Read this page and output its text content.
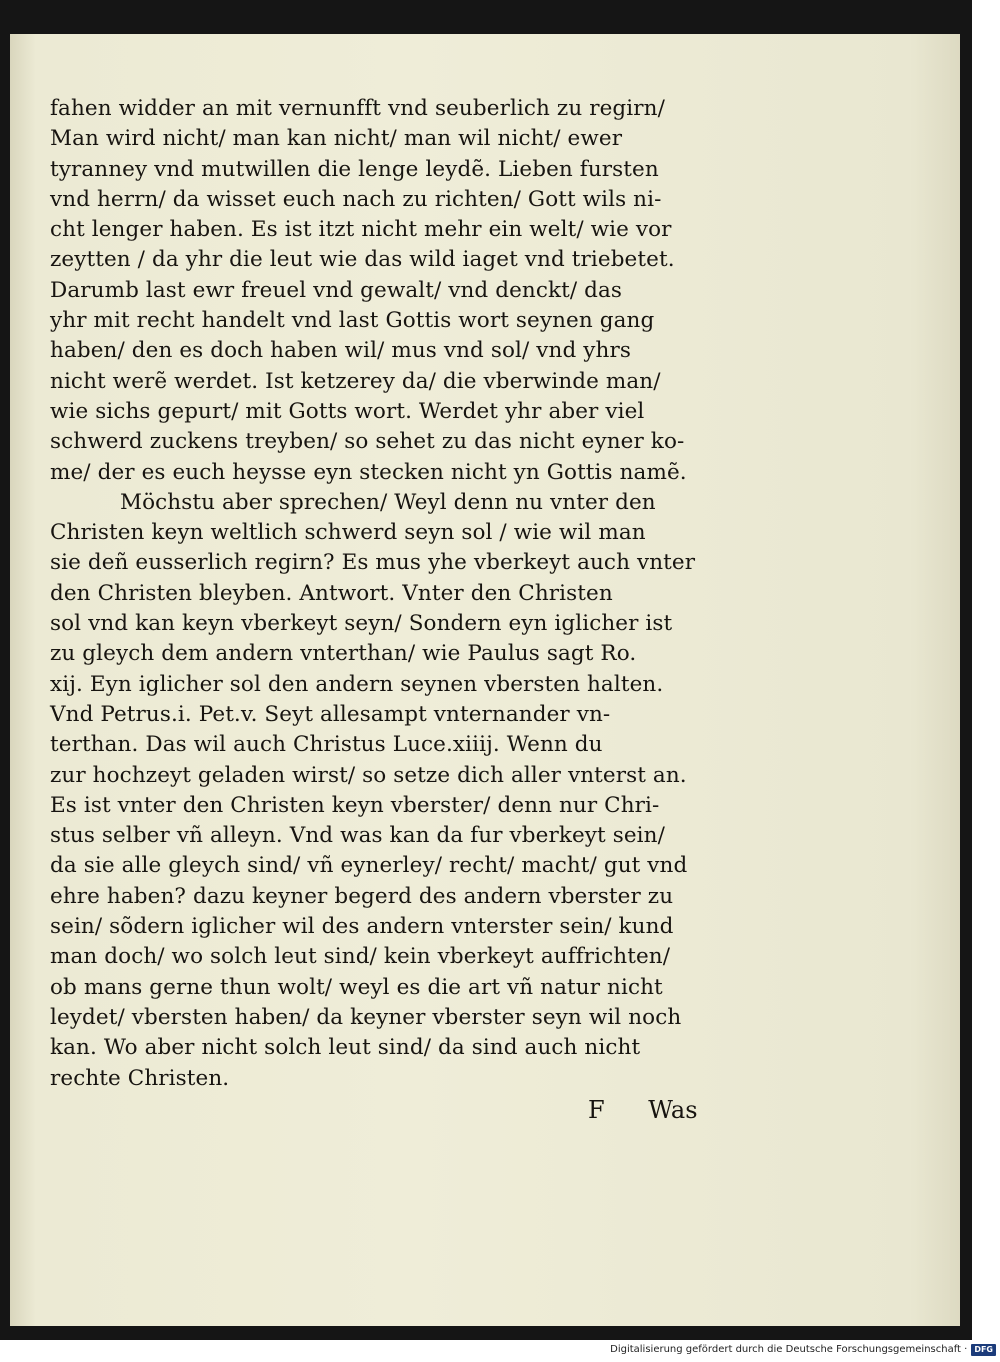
fahen widder an mit vernunfft vnd seuberlich zu regirn/
Man wird nicht/ man kan nicht/ man wil nicht/ ewer
tyranney vnd mutwillen die lenge leydẽ. Lieben fursten
vnd herrn/ da wisset euch nach zu richten/ Gott wils ni-
cht lenger haben. Es ist itzt nicht mehr ein welt/ wie vor
zeytten / da yhr die leut wie das wild iaget vnd triebetet.
Darumb last ewr freuel vnd gewalt/ vnd denckt/ das
yhr mit recht handelt vnd last Gottis wort seynen gang
haben/ den es doch haben wil/ mus vnd sol/ vnd yhrs
nicht werẽ werdet. Ist ketzerey da/ die vberwinde man/
wie sichs gepurt/ mit Gotts wort. Werdet yhr aber viel
schwerd zuckens treyben/ so sehet zu das nicht eyner ko-
me/ der es euch heysse eyn stecken nicht yn Gottis namẽ.
Möchstu aber sprechen/ Weyl denn nu vnter den
Christen keyn weltlich schwerd seyn sol / wie wil man
sie deñ eusserlich regirn? Es mus yhe vberkeyt auch vnter
den Christen bleyben. Antwort. Vnter den Christen
sol vnd kan keyn vberkeyt seyn/ Sondern eyn iglicher ist
zu gleych dem andern vnterthan/ wie Paulus sagt Ro.
xij. Eyn iglicher sol den andern seynen vbersten halten.
Vnd Petrus.i. Pet.v. Seyt allesampt vnternander vn-
terthan. Das wil auch Christus Luce.xiiij. Wenn du
zur hochzeyt geladen wirst/ so setze dich aller vnterst an.
Es ist vnter den Christen keyn vberster/ denn nur Chri-
stus selber vñ alleyn. Vnd was kan da fur vberkeyt sein/
da sie alle gleych sind/ vñ eynerley/ recht/ macht/ gut vnd
ehre haben? dazu keyner begerd des andern vberster zu
sein/ sõdern iglicher wil des andern vnterster sein/ kund
man doch/ wo solch leut sind/ kein vberkeyt auffrichten/
ob mans gerne thun wolt/ weyl es die art vñ natur nicht
leydet/ vbersten haben/ da keyner vberster seyn wil noch
kan. Wo aber nicht solch leut sind/ da sind auch nicht
rechte Christen.
F Was
Digitalisierung gefördert durch die Deutsche Forschungsgemeinschaft · DFG
